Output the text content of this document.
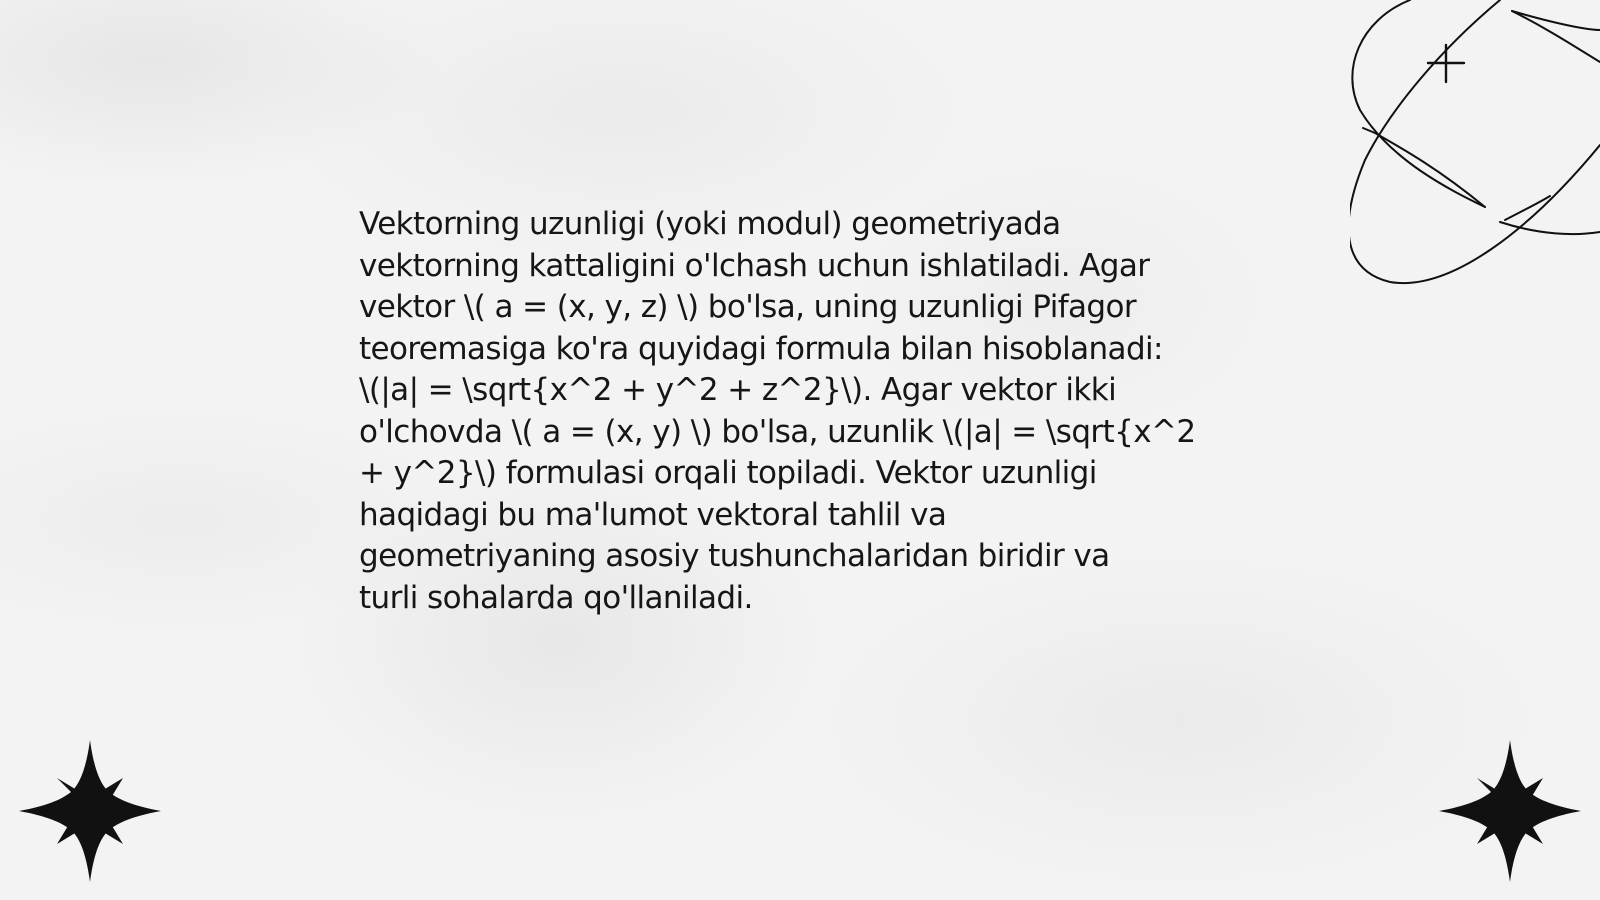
Vektorning uzunligi (yoki modul) geometriyada
vektorning kattaligini o'lchash uchun ishlatiladi. Agar
vektor \( a = (x, y, z) \) bo'lsa, uning uzunligi Pifagor
teoremasiga ko'ra quyidagi formula bilan hisoblanadi:
\(|a| = \sqrt{x^2 + y^2 + z^2}\). Agar vektor ikki
o'lchovda \( a = (x, y) \) bo'lsa, uzunlik \(|a| = \sqrt{x^2
+ y^2}\) formulasi orqali topiladi. Vektor uzunligi
haqidagi bu ma'lumot vektoral tahlil va
geometriyaning asosiy tushunchalaridan biridir va
turli sohalarda qo'llaniladi.
